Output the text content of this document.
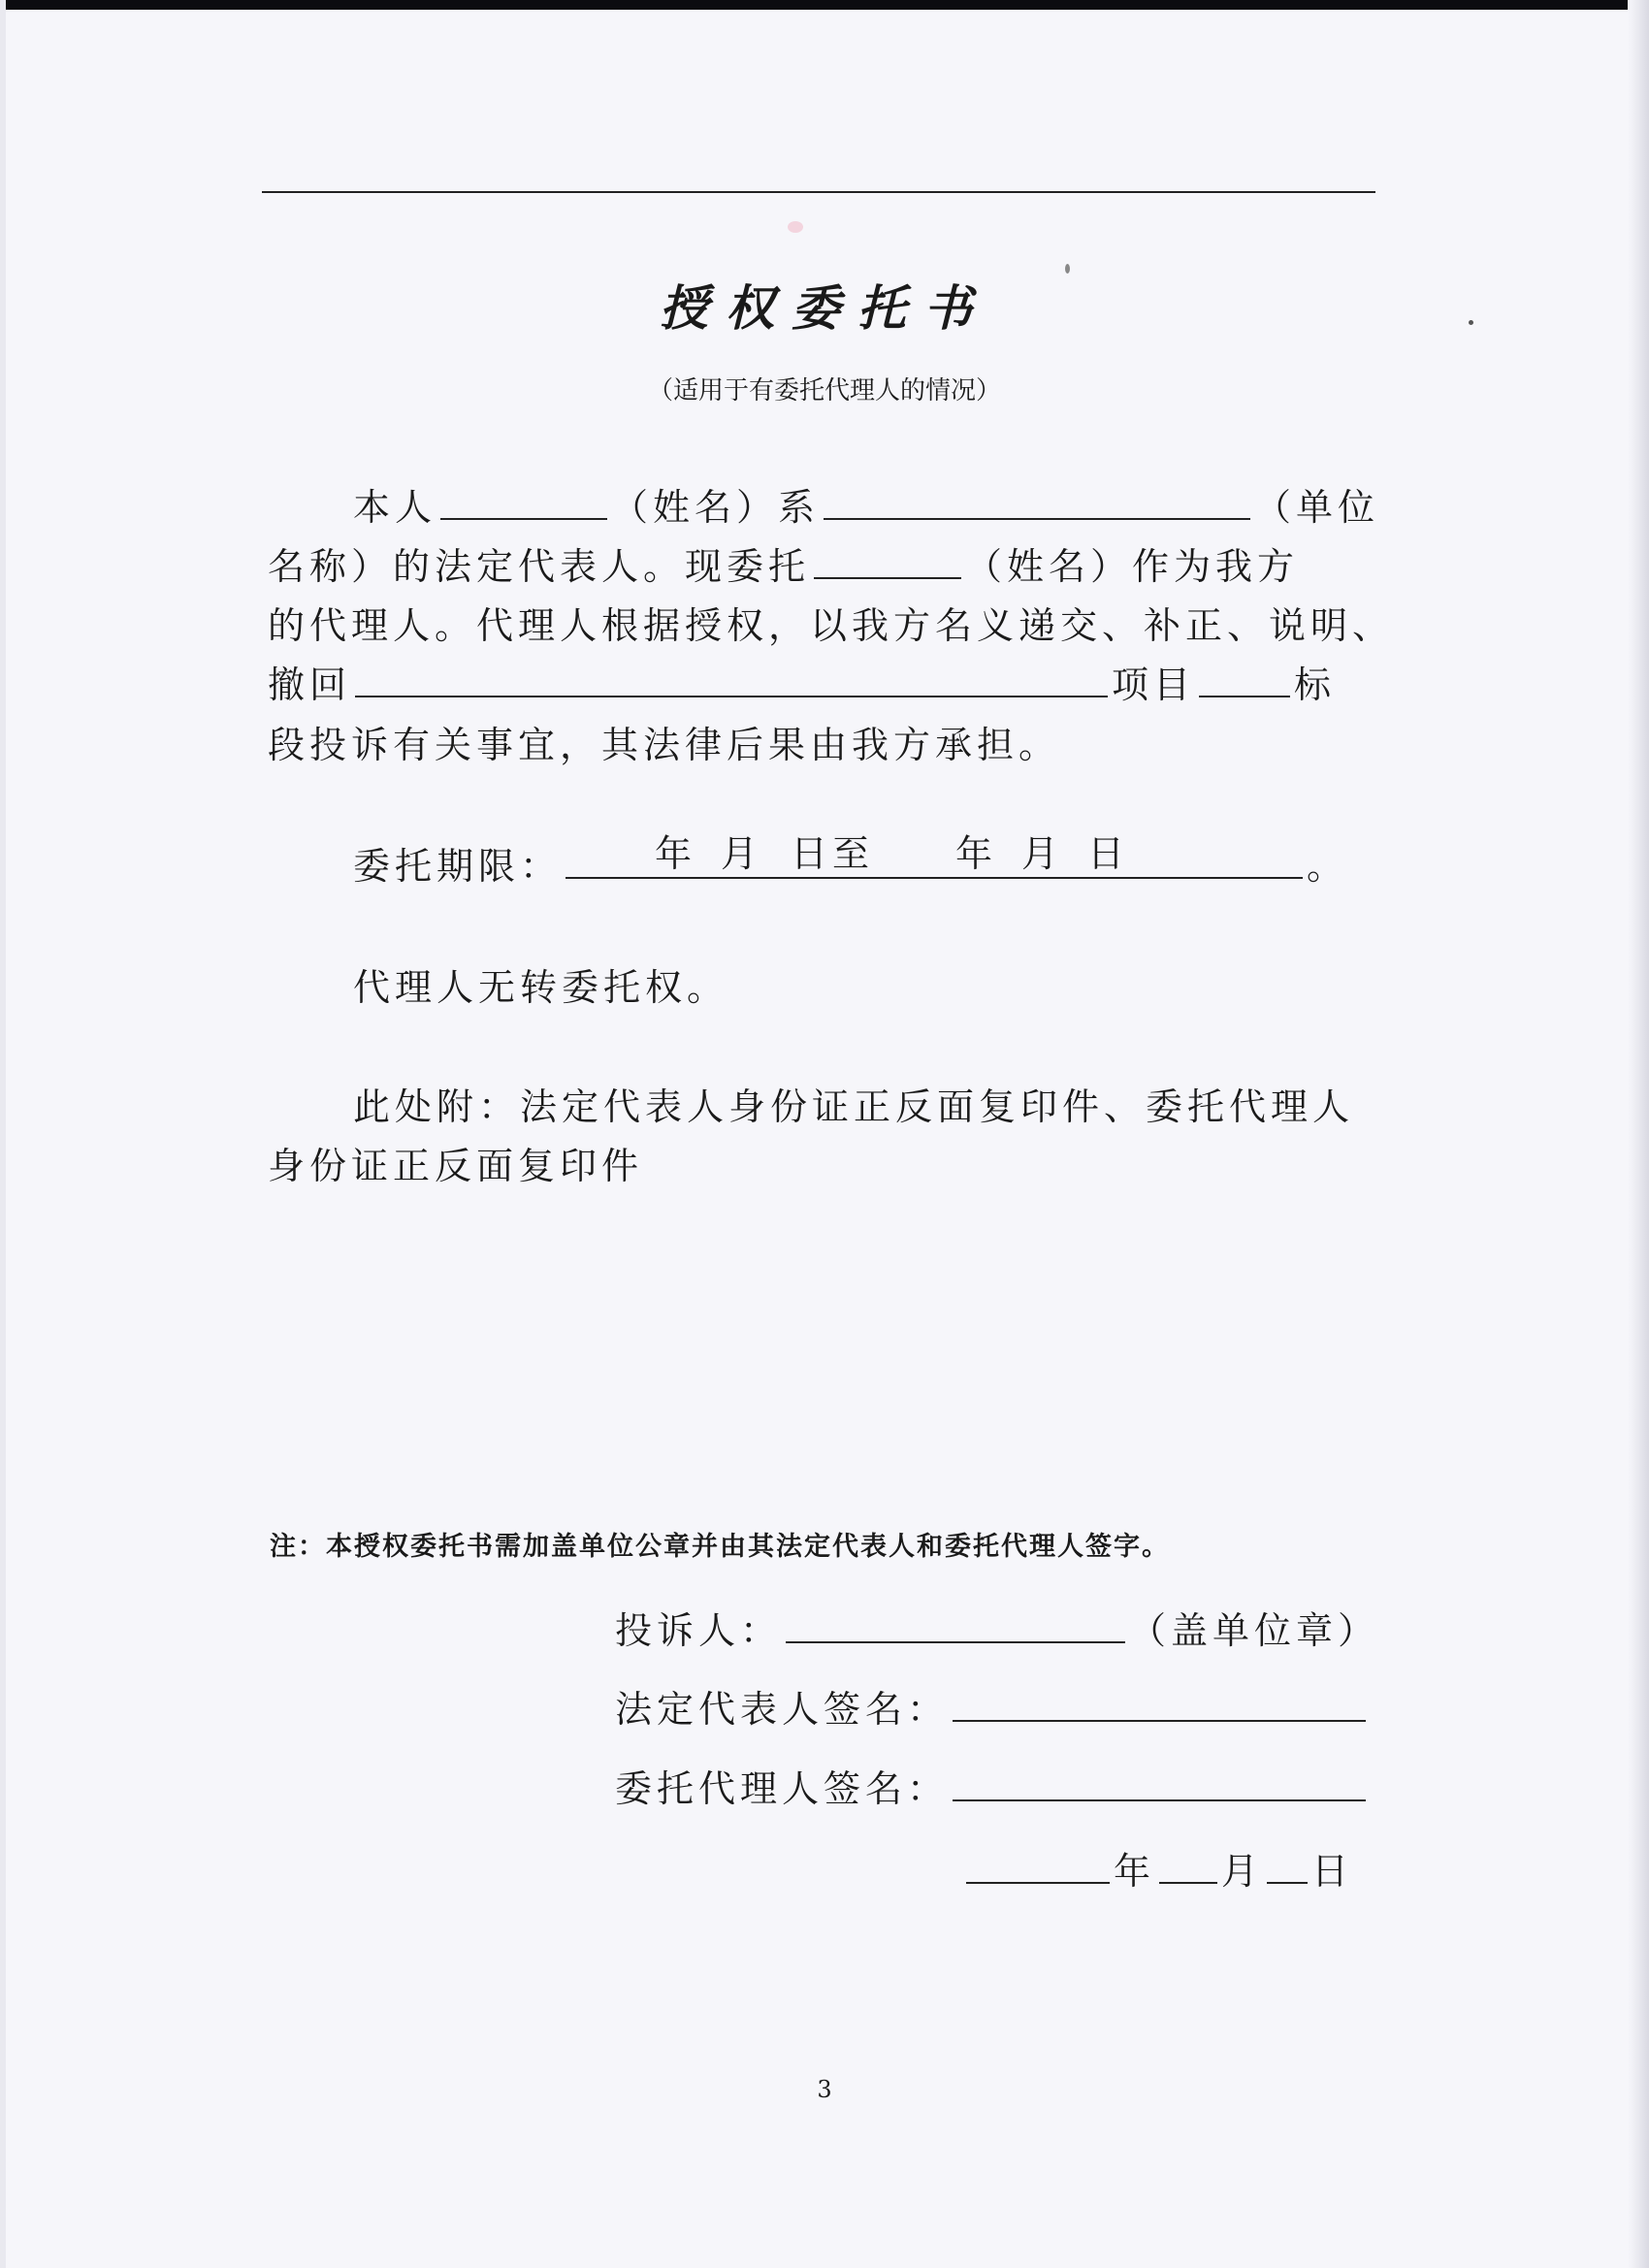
授权委托书
（适用于有委托代理人的情况）
本人	（姓名）系	（单位
名称）的法定代表人。现委托	（姓名）作为我方
的代理人。代理人根据授权，以我方名义递交、补正、说明、
撤回	项目	标
段投诉有关事宜，其法律后果由我方承担。
委托期限：	年 月 日至 年 月 日	。
代理人无转委托权。
此处附：法定代表人身份证正反面复印件、委托代理人
身份证正反面复印件
注：本授权委托书需加盖单位公章并由其法定代表人和委托代理人签字。
投诉人：	（盖单位章）
法定代表人签名：
委托代理人签名：
年 月 日
3
